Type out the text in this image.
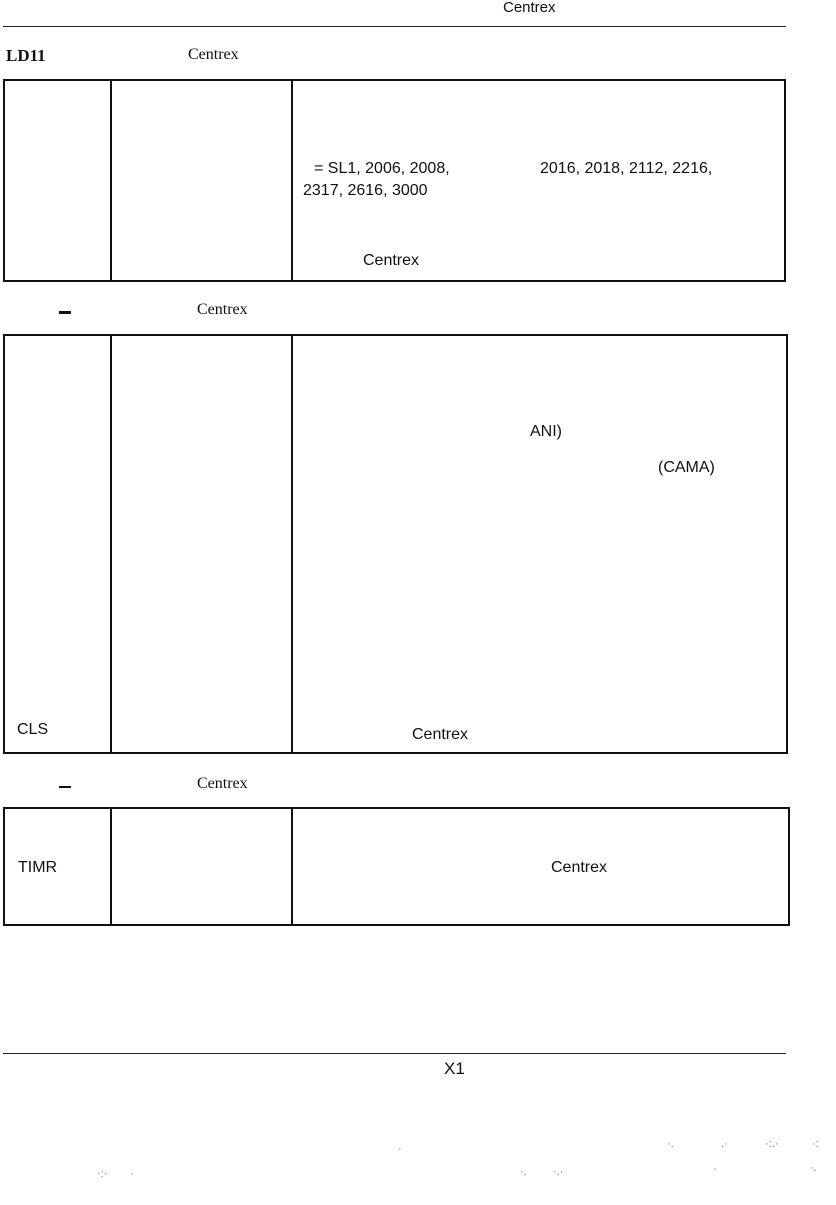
Centrex
LD11	Centrex
= SL1, 2006, 2008,	2016, 2018, 2112, 2216,
2317, 2616, 3000
Centrex
Centrex
ANI)
(CAMA)
CLS	Centrex
Centrex
TIMR	Centrex
X1
·	·.	.·	·:.·	·:
·:· ·	·. ·.·	·	·.
